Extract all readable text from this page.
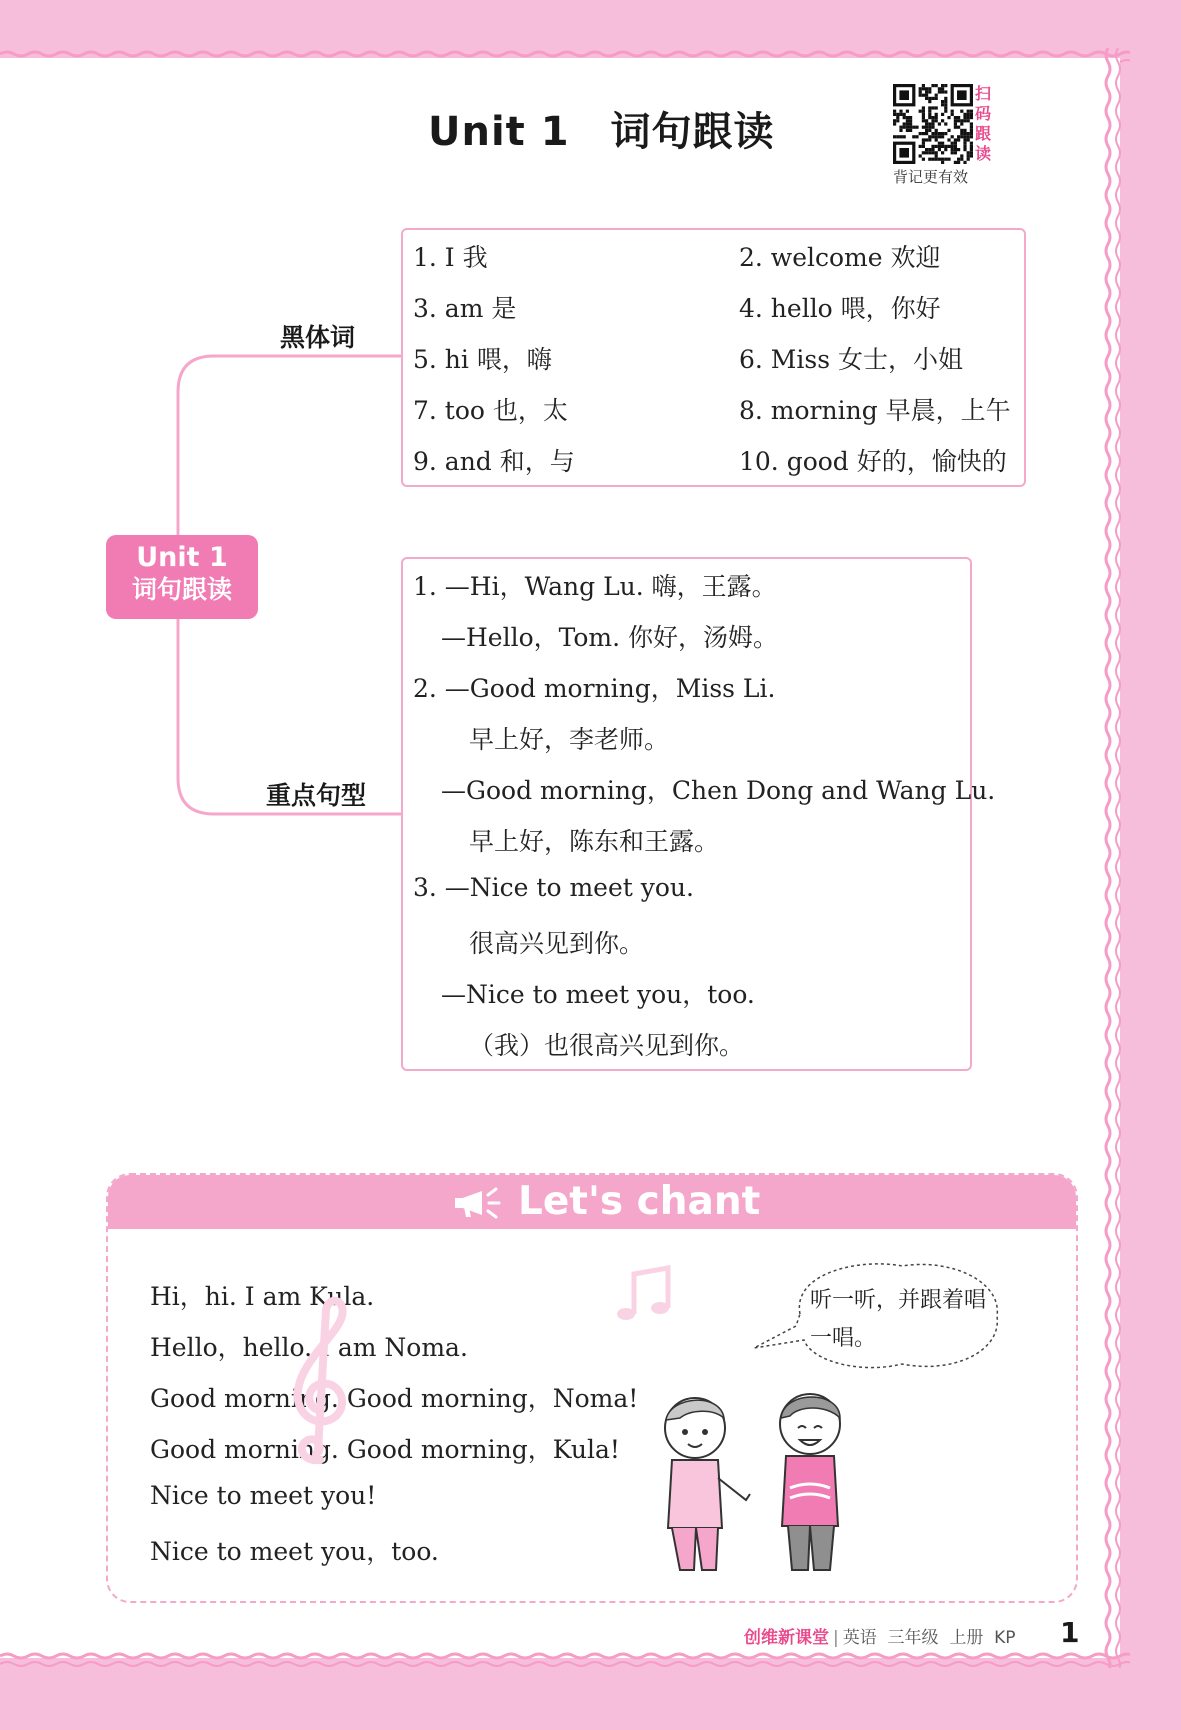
Unit 1　词句跟读
扫码跟读
背记更有效
Unit 1
词句跟读
黑体词
重点句型
1. I 我	2. welcome 欢迎
3. am 是	4. hello 喂，你好
5. hi 喂，嗨	6. Miss 女士，小姐
7. too 也，太	8. morning 早晨，上午
9. and 和，与	10. good 好的，愉快的
1. —Hi，Wang Lu. 嗨，王露。
—Hello，Tom. 你好，汤姆。
2. —Good morning，Miss Li.
早上好，李老师。
—Good morning，Chen Dong and Wang Lu.
早上好，陈东和王露。
3. —Nice to meet you.
很高兴见到你。
—Nice to meet you，too.
（我）也很高兴见到你。
Let's chant
Hi，hi. I am Kula.
Hello，hello. I am Noma.
Good morning. Good morning，Noma!
Good morning. Good morning，Kula!
Nice to meet you!
Nice to meet you，too.
听一听，并跟着唱一唱。
创维新课堂 | 英语  三年级  上册  KP 1
